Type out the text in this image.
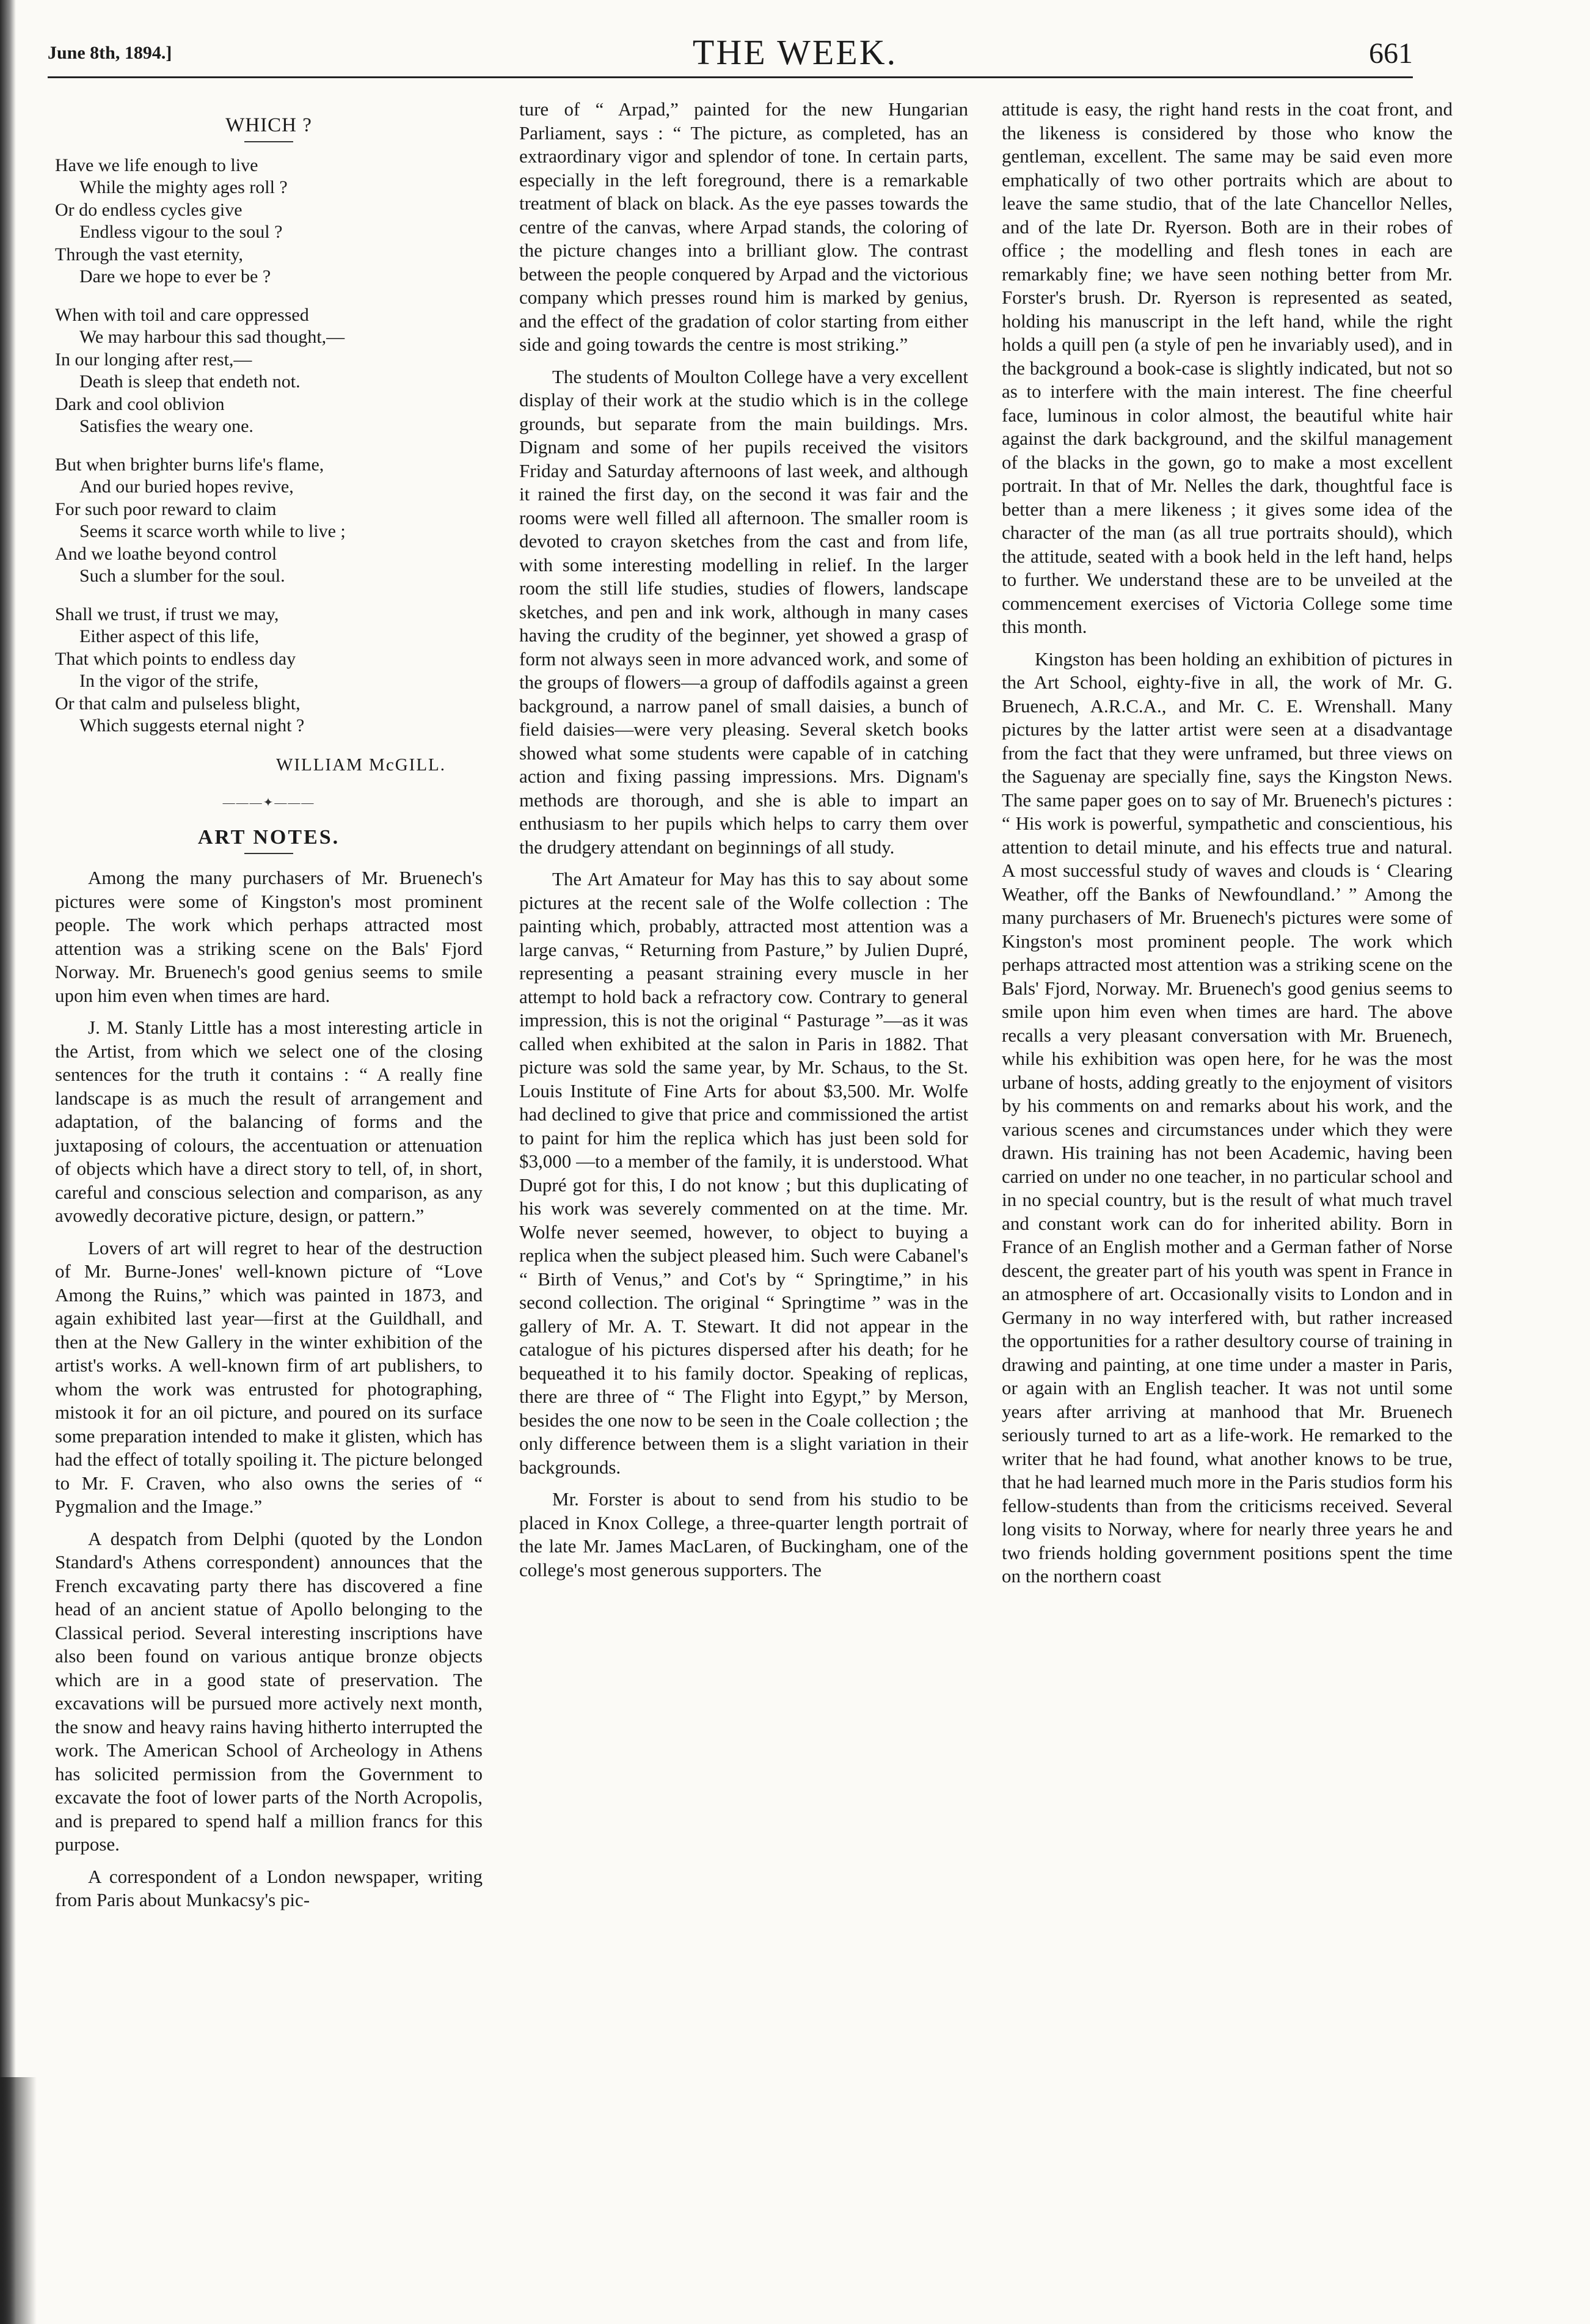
June 8th, 1894.]	THE WEEK.	661
WHICH ?
Have we life enough to live
While the mighty ages roll ?
Or do endless cycles give
Endless vigour to the soul ?
Through the vast eternity,
Dare we hope to ever be ?
When with toil and care oppressed
We may harbour this sad thought,—
In our longing after rest,—
Death is sleep that endeth not.
Dark and cool oblivion
Satisfies the weary one.
But when brighter burns life's flame,
And our buried hopes revive,
For such poor reward to claim
Seems it scarce worth while to live ;
And we loathe beyond control
Such a slumber for the soul.
Shall we trust, if trust we may,
Either aspect of this life,
That which points to endless day
In the vigor of the strife,
Or that calm and pulseless blight,
Which suggests eternal night ?
WILLIAM McGILL.
———✦———
ART NOTES.

Among the many purchasers of Mr. Bruenech's pictures were some of Kingston's most prominent people. The work which perhaps attracted most attention was a striking scene on the Bals' Fjord Norway. Mr. Bruenech's good genius seems to smile upon him even when times are hard.

J. M. Stanly Little has a most interesting article in the Artist, from which we select one of the closing sentences for the truth it contains : “ A really fine landscape is as much the result of arrangement and adaptation, of the balancing of forms and the juxtaposing of colours, the accentuation or attenuation of objects which have a direct story to tell, of, in short, careful and conscious selection and comparison, as any avowedly decorative picture, design, or pattern.”

Lovers of art will regret to hear of the destruction of Mr. Burne-Jones' well-known picture of “Love Among the Ruins,” which was painted in 1873, and again exhibited last year—first at the Guildhall, and then at the New Gallery in the winter exhibition of the artist's works. A well-known firm of art publishers, to whom the work was entrusted for photographing, mistook it for an oil picture, and poured on its surface some preparation intended to make it glisten, which has had the effect of totally spoiling it. The picture belonged to Mr. F. Craven, who also owns the series of “ Pygmalion and the Image.”

A despatch from Delphi (quoted by the London Standard's Athens correspondent) announces that the French excavating party there has discovered a fine head of an ancient statue of Apollo belonging to the Classical period. Several interesting inscriptions have also been found on various antique bronze objects which are in a good state of preservation. The excavations will be pursued more actively next month, the snow and heavy rains having hitherto interrupted the work. The American School of Archeology in Athens has solicited permission from the Government to excavate the foot of lower parts of the North Acropolis, and is prepared to spend half a million francs for this purpose.

A correspondent of a London newspaper, writing from Paris about Munkacsy's pic-

ture of “ Arpad,” painted for the new Hungarian Parliament, says : “ The picture, as completed, has an extraordinary vigor and splendor of tone. In certain parts, especially in the left foreground, there is a remarkable treatment of black on black. As the eye passes towards the centre of the canvas, where Arpad stands, the coloring of the picture changes into a brilliant glow. The contrast between the people conquered by Arpad and the victorious company which presses round him is marked by genius, and the effect of the gradation of color starting from either side and going towards the centre is most striking.”

The students of Moulton College have a very excellent display of their work at the studio which is in the college grounds, but separate from the main buildings. Mrs. Dignam and some of her pupils received the visitors Friday and Saturday afternoons of last week, and although it rained the first day, on the second it was fair and the rooms were well filled all afternoon. The smaller room is devoted to crayon sketches from the cast and from life, with some interesting modelling in relief. In the larger room the still life studies, studies of flowers, landscape sketches, and pen and ink work, although in many cases having the crudity of the beginner, yet showed a grasp of form not always seen in more advanced work, and some of the groups of flowers—a group of daffodils against a green background, a narrow panel of small daisies, a bunch of field daisies—were very pleasing. Several sketch books showed what some students were capable of in catching action and fixing passing impressions. Mrs. Dignam's methods are thorough, and she is able to impart an enthusiasm to her pupils which helps to carry them over the drudgery attendant on beginnings of all study.

The Art Amateur for May has this to say about some pictures at the recent sale of the Wolfe collection : The painting which, probably, attracted most attention was a large canvas, “ Returning from Pasture,” by Julien Dupré, representing a peasant straining every muscle in her attempt to hold back a refractory cow. Contrary to general impression, this is not the original “ Pasturage ”—as it was called when exhibited at the salon in Paris in 1882. That picture was sold the same year, by Mr. Schaus, to the St. Louis Institute of Fine Arts for about $3,500. Mr. Wolfe had declined to give that price and commissioned the artist to paint for him the replica which has just been sold for $3,000 —to a member of the family, it is understood. What Dupré got for this, I do not know ; but this duplicating of his work was severely commented on at the time. Mr. Wolfe never seemed, however, to object to buying a replica when the subject pleased him. Such were Cabanel's “ Birth of Venus,” and Cot's by “ Springtime,” in his second collection. The original “ Springtime ” was in the gallery of Mr. A. T. Stewart. It did not appear in the catalogue of his pictures dispersed after his death; for he bequeathed it to his family doctor. Speaking of replicas, there are three of “ The Flight into Egypt,” by Merson, besides the one now to be seen in the Coale collection ; the only difference between them is a slight variation in their backgrounds.

Mr. Forster is about to send from his studio to be placed in Knox College, a three-quarter length portrait of the late Mr. James MacLaren, of Buckingham, one of the college's most generous supporters. The

attitude is easy, the right hand rests in the coat front, and the likeness is considered by those who know the gentleman, excellent. The same may be said even more emphatically of two other portraits which are about to leave the same studio, that of the late Chancellor Nelles, and of the late Dr. Ryerson. Both are in their robes of office ; the modelling and flesh tones in each are remarkably fine; we have seen nothing better from Mr. Forster's brush. Dr. Ryerson is represented as seated, holding his manuscript in the left hand, while the right holds a quill pen (a style of pen he invariably used), and in the background a book-case is slightly indicated, but not so as to interfere with the main interest. The fine cheerful face, luminous in color almost, the beautiful white hair against the dark background, and the skilful management of the blacks in the gown, go to make a most excellent portrait. In that of Mr. Nelles the dark, thoughtful face is better than a mere likeness ; it gives some idea of the character of the man (as all true portraits should), which the attitude, seated with a book held in the left hand, helps to further. We understand these are to be unveiled at the commencement exercises of Victoria College some time this month.

Kingston has been holding an exhibition of pictures in the Art School, eighty-five in all, the work of Mr. G. Bruenech, A.R.C.A., and Mr. C. E. Wrenshall. Many pictures by the latter artist were seen at a disadvantage from the fact that they were unframed, but three views on the Saguenay are specially fine, says the Kingston News. The same paper goes on to say of Mr. Bruenech's pictures : “ His work is powerful, sympathetic and conscientious, his attention to detail minute, and his effects true and natural. A most successful study of waves and clouds is ‘ Clearing Weather, off the Banks of Newfoundland.’ ” Among the many purchasers of Mr. Bruenech's pictures were some of Kingston's most prominent people. The work which perhaps attracted most attention was a striking scene on the Bals' Fjord, Norway. Mr. Bruenech's good genius seems to smile upon him even when times are hard. The above recalls a very pleasant conversation with Mr. Bruenech, while his exhibition was open here, for he was the most urbane of hosts, adding greatly to the enjoyment of visitors by his comments on and remarks about his work, and the various scenes and circumstances under which they were drawn. His training has not been Academic, having been carried on under no one teacher, in no particular school and in no special country, but is the result of what much travel and constant work can do for inherited ability. Born in France of an English mother and a German father of Norse descent, the greater part of his youth was spent in France in an atmosphere of art. Occasionally visits to London and in Germany in no way interfered with, but rather increased the opportunities for a rather desultory course of training in drawing and painting, at one time under a master in Paris, or again with an English teacher. It was not until some years after arriving at manhood that Mr. Bruenech seriously turned to art as a life-work. He remarked to the writer that he had found, what another knows to be true, that he had learned much more in the Paris studios form his fellow-students than from the criticisms received. Several long visits to Norway, where for nearly three years he and two friends holding government positions spent the time on the northern coast
